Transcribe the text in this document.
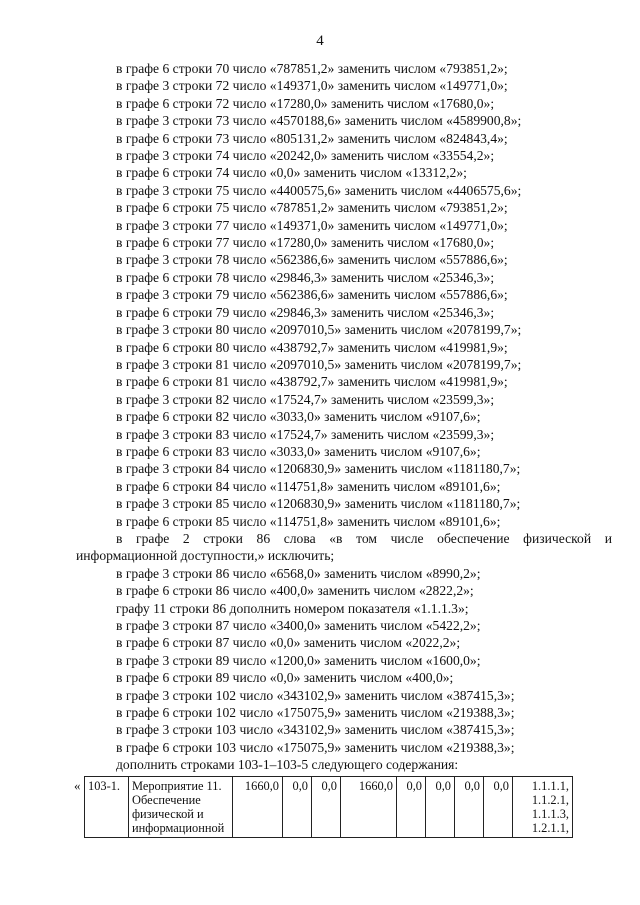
4
в графе 6 строки 70 число «787851,2» заменить числом «793851,2»;
в графе 3 строки 72 число «149371,0» заменить числом «149771,0»;
в графе 6 строки 72 число «17280,0» заменить числом «17680,0»;
в графе 3 строки 73 число «4570188,6» заменить числом «4589900,8»;
в графе 6 строки 73 число «805131,2» заменить числом «824843,4»;
в графе 3 строки 74 число «20242,0» заменить числом «33554,2»;
в графе 6 строки 74 число «0,0» заменить числом «13312,2»;
в графе 3 строки 75 число «4400575,6» заменить числом «4406575,6»;
в графе 6 строки 75 число «787851,2» заменить числом «793851,2»;
в графе 3 строки 77 число «149371,0» заменить числом «149771,0»;
в графе 6 строки 77 число «17280,0» заменить числом «17680,0»;
в графе 3 строки 78 число «562386,6» заменить числом «557886,6»;
в графе 6 строки 78 число «29846,3» заменить числом «25346,3»;
в графе 3 строки 79 число «562386,6» заменить числом «557886,6»;
в графе 6 строки 79 число «29846,3» заменить числом «25346,3»;
в графе 3 строки 80 число «2097010,5» заменить числом «2078199,7»;
в графе 6 строки 80 число «438792,7» заменить числом «419981,9»;
в графе 3 строки 81 число «2097010,5» заменить числом «2078199,7»;
в графе 6 строки 81 число «438792,7» заменить числом «419981,9»;
в графе 3 строки 82 число «17524,7» заменить числом «23599,3»;
в графе 6 строки 82 число «3033,0» заменить числом «9107,6»;
в графе 3 строки 83 число «17524,7» заменить числом «23599,3»;
в графе 6 строки 83 число «3033,0» заменить числом «9107,6»;
в графе 3 строки 84 число «1206830,9» заменить числом «1181180,7»;
в графе 6 строки 84 число «114751,8» заменить числом «89101,6»;
в графе 3 строки 85 число «1206830,9» заменить числом «1181180,7»;
в графе 6 строки 85 число «114751,8» заменить числом «89101,6»;
в графе 2 строки 86 слова «в том числе обеспечение физической и
информационной доступности,» исключить;
в графе 3 строки 86 число «6568,0» заменить числом «8990,2»;
в графе 6 строки 86 число «400,0» заменить числом «2822,2»;
графу 11 строки 86 дополнить номером показателя «1.1.1.3»;
в графе 3 строки 87 число «3400,0» заменить числом «5422,2»;
в графе 6 строки 87 число «0,0» заменить числом «2022,2»;
в графе 3 строки 89 число «1200,0» заменить числом «1600,0»;
в графе 6 строки 89 число «0,0» заменить числом «400,0»;
в графе 3 строки 102 число «343102,9» заменить числом «387415,3»;
в графе 6 строки 102 число «175075,9» заменить числом «219388,3»;
в графе 3 строки 103 число «343102,9» заменить числом «387415,3»;
в графе 6 строки 103 число «175075,9» заменить числом «219388,3»;
дополнить строками 103-1–103-5 следующего содержания:
« 103-1.	Мероприятие 11. Обеспечение физической и информационной	1660,0	0,0	0,0	1660,0	0,0	0,0	0,0	0,0	1.1.1.1, 1.1.2.1, 1.1.1.3, 1.2.1.1,
